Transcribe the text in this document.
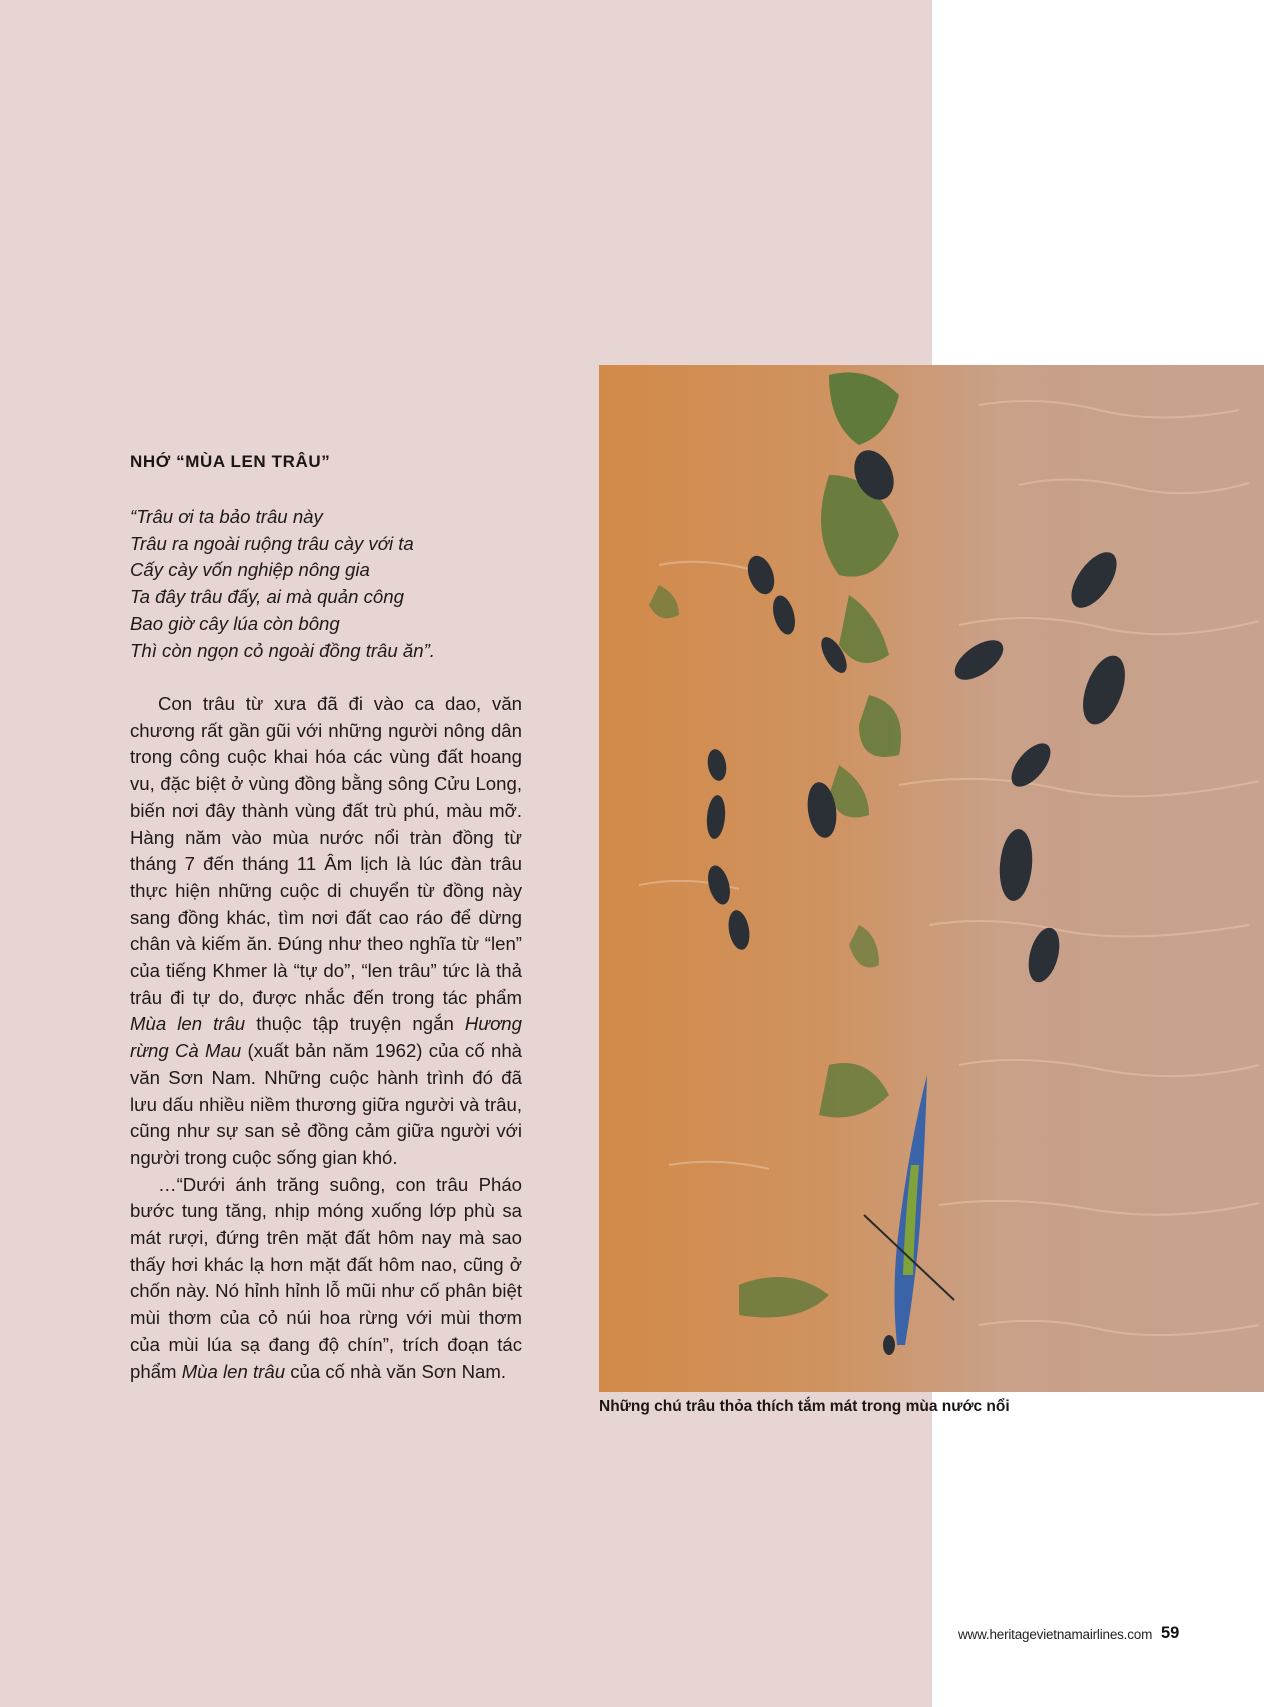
NHỚ “MÙA LEN TRÂU”
“Trâu ơi ta bảo trâu này
Trâu ra ngoài ruộng trâu cày với ta
Cấy cày vốn nghiệp nông gia
Ta đây trâu đấy, ai mà quản công
Bao giờ cây lúa còn bông
Thì còn ngọn cỏ ngoài đồng trâu ăn”.

Con trâu từ xưa đã đi vào ca dao, văn chương rất gần gũi với những người nông dân trong công cuộc khai hóa các vùng đất hoang vu, đặc biệt ở vùng đồng bằng sông Cửu Long, biến nơi đây thành vùng đất trù phú, màu mỡ. Hàng năm vào mùa nước nổi tràn đồng từ tháng 7 đến tháng 11 Âm lịch là lúc đàn trâu thực hiện những cuộc di chuyển từ đồng này sang đồng khác, tìm nơi đất cao ráo để dừng chân và kiếm ăn. Đúng như theo nghĩa từ “len” của tiếng Khmer là “tự do”, “len trâu” tức là thả trâu đi tự do, được nhắc đến trong tác phẩm Mùa len trâu thuộc tập truyện ngắn Hương rừng Cà Mau (xuất bản năm 1962) của cố nhà văn Sơn Nam. Những cuộc hành trình đó đã lưu dấu nhiều niềm thương giữa người và trâu, cũng như sự san sẻ đồng cảm giữa người với người trong cuộc sống gian khó.

…“Dưới ánh trăng suông, con trâu Pháo bước tung tăng, nhịp móng xuống lớp phù sa mát rượi, đứng trên mặt đất hôm nay mà sao thấy hơi khác lạ hơn mặt đất hôm nao, cũng ở chốn này. Nó hỉnh hỉnh lỗ mũi như cố phân biệt mùi thơm của cỏ núi hoa rừng với mùi thơm của mùi lúa sạ đang độ chín”, trích đoạn tác phẩm Mùa len trâu của cố nhà văn Sơn Nam.

Những chú trâu thỏa thích tắm mát trong mùa nước nổi
www.heritagevietnamairlines.com 59
